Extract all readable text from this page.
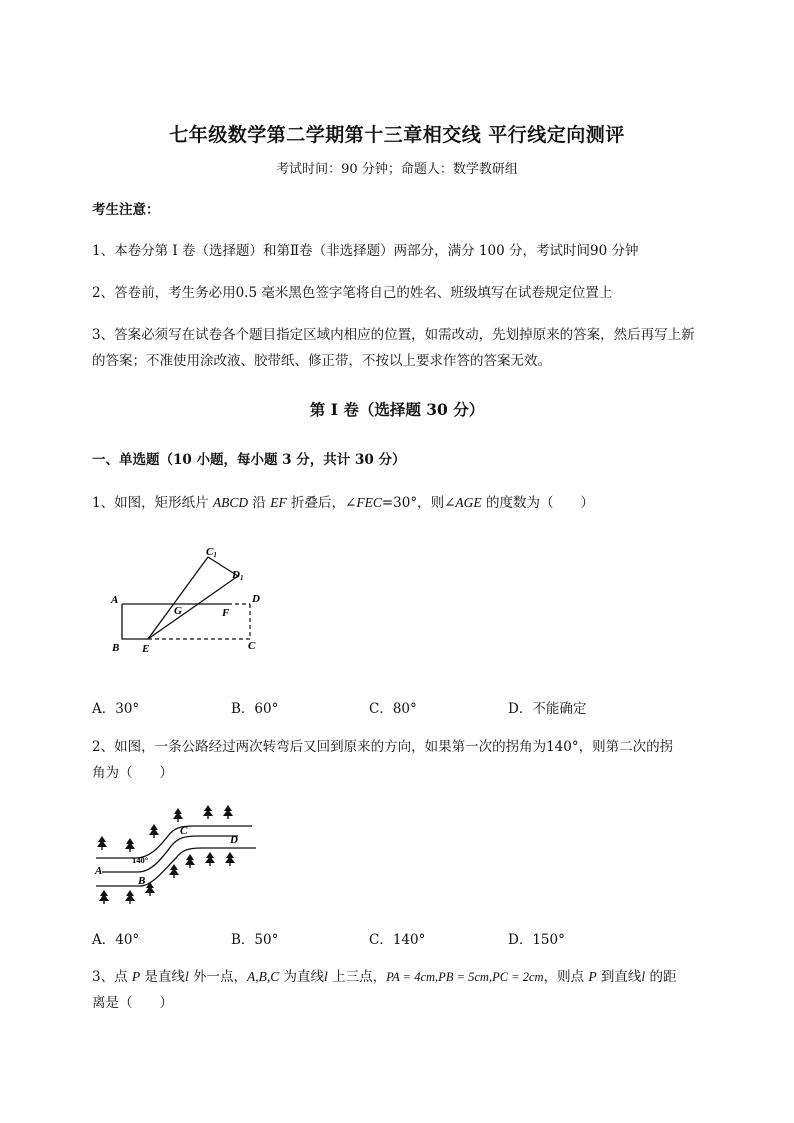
七年级数学第二学期第十三章相交线 平行线定向测评
考试时间：90 分钟；命题人：数学教研组
考生注意：
1、本卷分第 I 卷（选择题）和第Ⅱ卷（非选择题）两部分，满分 100 分，考试时间90 分钟
2、答卷前，考生务必用0.5 毫米黑色签字笔将自己的姓名、班级填写在试卷规定位置上
3、答案必须写在试卷各个题目指定区域内相应的位置，如需改动，先划掉原来的答案，然后再写上新
的答案；不准使用涂改液、胶带纸、修正带，不按以上要求作答的答案无效。
第 I 卷（选择题 30 分）
一、单选题（10 小题，每小题 3 分，共计 30 分）
1、如图，矩形纸片 ABCD 沿 EF 折叠后，∠FEC=30°，则∠AGE 的度数为（　　）
C1
D1
A
G	F
D
B E	C
A．30°	B．60°	C．80°	D．不能确定
2、如图，一条公路经过两次转弯后又回到原来的方向，如果第一次的拐角为140°，则第二次的拐
角为（　　）
A
B
C
D
140°
A．40°	B．50°	C．140°	D．150°
3、点 P 是直线l 外一点，A,B,C 为直线l 上三点，PA = 4cm,PB = 5cm,PC = 2cm，则点 P 到直线l 的距
离是（　　）
